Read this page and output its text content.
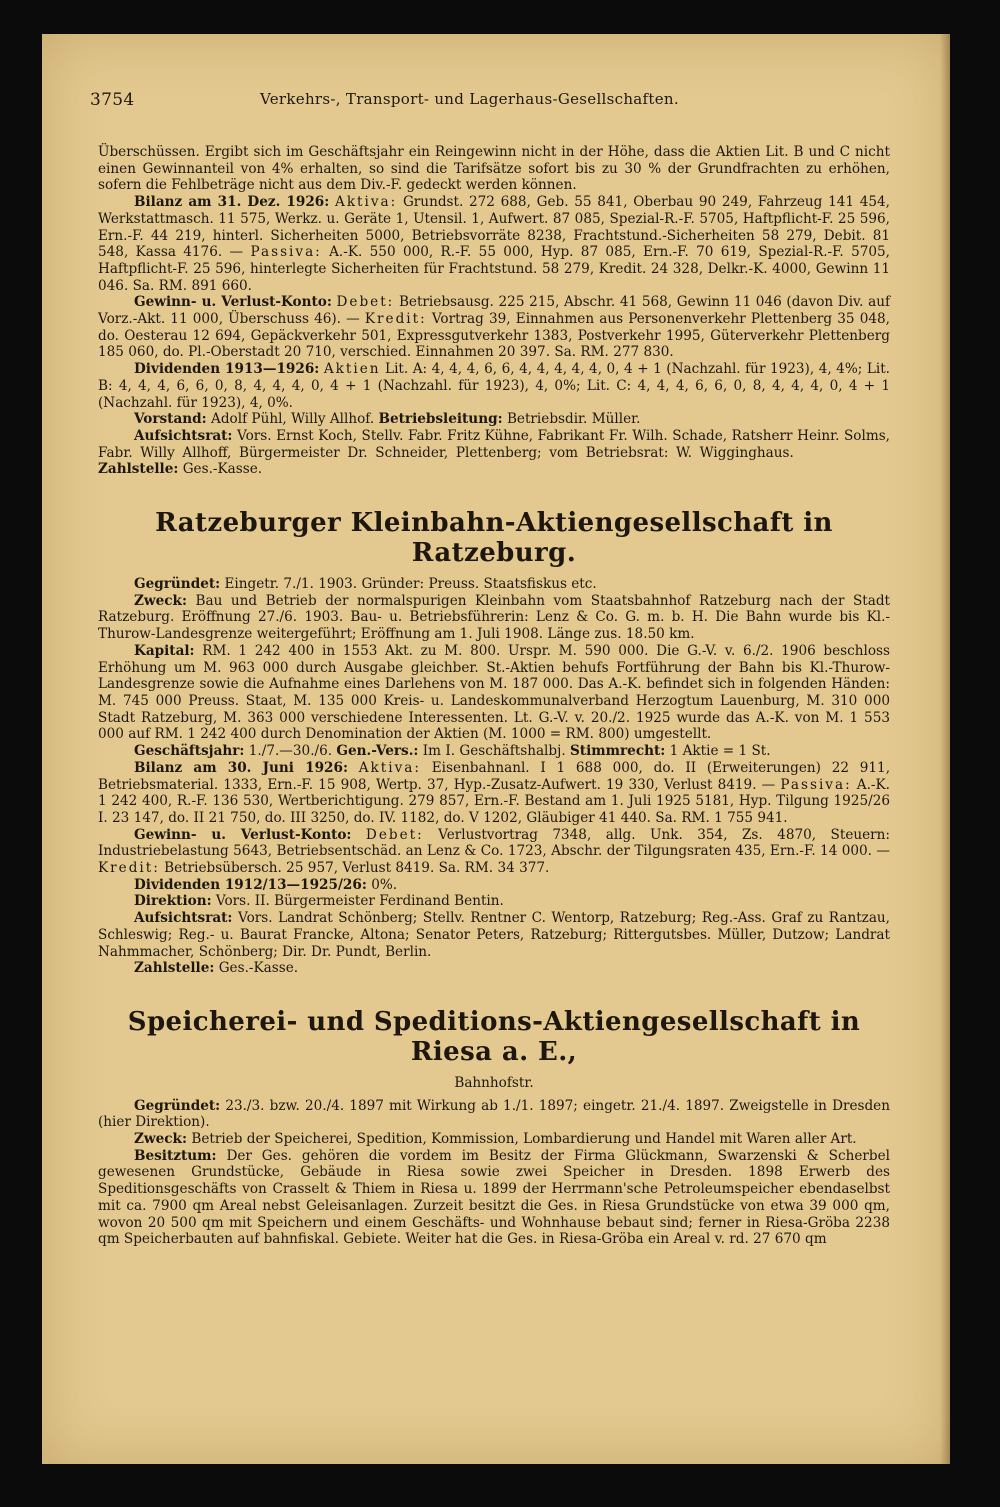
3754	Verkehrs-, Transport- und Lagerhaus-Gesellschaften.

Überschüssen. Ergibt sich im Geschäftsjahr ein Reingewinn nicht in der Höhe, dass die Aktien Lit. B und C nicht einen Gewinnanteil von 4% erhalten, so sind die Tarifsätze sofort bis zu 30 % der Grundfrachten zu erhöhen, sofern die Fehlbeträge nicht aus dem Div.-F. gedeckt werden können.

Bilanz am 31. Dez. 1926: Aktiva: Grundst. 272 688, Geb. 55 841, Oberbau 90 249, Fahrzeug 141 454, Werkstattmasch. 11 575, Werkz. u. Geräte 1, Utensil. 1, Aufwert. 87 085, Spezial-R.-F. 5705, Haftpflicht-F. 25 596, Ern.-F. 44 219, hinterl. Sicherheiten 5000, Betriebsvorräte 8238, Frachtstund.-Sicherheiten 58 279, Debit. 81 548, Kassa 4176. — Passiva: A.-K. 550 000, R.-F. 55 000, Hyp. 87 085, Ern.-F. 70 619, Spezial-R.-F. 5705, Haftpflicht-F. 25 596, hinterlegte Sicherheiten für Frachtstund. 58 279, Kredit. 24 328, Delkr.-K. 4000, Gewinn 11 046. Sa. RM. 891 660.

Gewinn- u. Verlust-Konto: Debet: Betriebsausg. 225 215, Abschr. 41 568, Gewinn 11 046 (davon Div. auf Vorz.-Akt. 11 000, Überschuss 46). — Kredit: Vortrag 39, Einnahmen aus Personenverkehr Plettenberg 35 048, do. Oesterau 12 694, Gepäckverkehr 501, Expressgutverkehr 1383, Postverkehr 1995, Güterverkehr Plettenberg 185 060, do. Pl.-Oberstadt 20 710, verschied. Einnahmen 20 397. Sa. RM. 277 830.

Dividenden 1913—1926: Aktien Lit. A: 4, 4, 4, 6, 6, 4, 4, 4, 4, 4, 0, 4 + 1 (Nachzahl. für 1923), 4, 4%; Lit. B: 4, 4, 4, 6, 6, 0, 8, 4, 4, 4, 0, 4 + 1 (Nachzahl. für 1923), 4, 0%; Lit. C: 4, 4, 4, 6, 6, 0, 8, 4, 4, 4, 0, 4 + 1 (Nachzahl. für 1923), 4, 0%.

Vorstand: Adolf Pühl, Willy Allhof. Betriebsleitung: Betriebsdir. Müller.

Aufsichtsrat: Vors. Ernst Koch, Stellv. Fabr. Fritz Kühne, Fabrikant Fr. Wilh. Schade, Ratsherr Heinr. Solms, Fabr. Willy Allhoff, Bürgermeister Dr. Schneider, Plettenberg; vom Betriebsrat: W. Wigginghaus.              Zahlstelle: Ges.-Kasse.

Ratzeburger Kleinbahn-Aktiengesellschaft in Ratzeburg.

Gegründet: Eingetr. 7./1. 1903. Gründer: Preuss. Staatsfiskus etc.

Zweck: Bau und Betrieb der normalspurigen Kleinbahn vom Staatsbahnhof Ratzeburg nach der Stadt Ratzeburg. Eröffnung 27./6. 1903. Bau- u. Betriebsführerin: Lenz & Co. G. m. b. H. Die Bahn wurde bis Kl.-Thurow-Landesgrenze weitergeführt; Eröffnung am 1. Juli 1908. Länge zus. 18.50 km.

Kapital: RM. 1 242 400 in 1553 Akt. zu M. 800. Urspr. M. 590 000. Die G.-V. v. 6./2. 1906 beschloss Erhöhung um M. 963 000 durch Ausgabe gleichber. St.-Aktien behufs Fortführung der Bahn bis Kl.-Thurow-Landesgrenze sowie die Aufnahme eines Darlehens von M. 187 000. Das A.-K. befindet sich in folgenden Händen: M. 745 000 Preuss. Staat, M. 135 000 Kreis- u. Landeskommunalverband Herzogtum Lauenburg, M. 310 000 Stadt Ratzeburg, M. 363 000 verschiedene Interessenten. Lt. G.-V. v. 20./2. 1925 wurde das A.-K. von M. 1 553 000 auf RM. 1 242 400 durch Denomination der Aktien (M. 1000 = RM. 800) umgestellt.

Geschäftsjahr: 1./7.—30./6. Gen.-Vers.: Im I. Geschäftshalbj. Stimmrecht: 1 Aktie = 1 St.

Bilanz am 30. Juni 1926: Aktiva: Eisenbahnanl. I 1 688 000, do. II (Erweiterungen) 22 911, Betriebsmaterial. 1333, Ern.-F. 15 908, Wertp. 37, Hyp.-Zusatz-Aufwert. 19 330, Verlust 8419. — Passiva: A.-K. 1 242 400, R.-F. 136 530, Wertberichtigung. 279 857, Ern.-F. Bestand am 1. Juli 1925 5181, Hyp. Tilgung 1925/26 I. 23 147, do. II 21 750, do. III 3250, do. IV. 1182, do. V 1202, Gläubiger 41 440. Sa. RM. 1 755 941.

Gewinn- u. Verlust-Konto: Debet: Verlustvortrag 7348, allg. Unk. 354, Zs. 4870, Steuern: Industriebelastung 5643, Betriebsentschäd. an Lenz & Co. 1723, Abschr. der Tilgungsraten 435, Ern.-F. 14 000. — Kredit: Betriebsübersch. 25 957, Verlust 8419. Sa. RM. 34 377.

Dividenden 1912/13—1925/26: 0%.

Direktion: Vors. II. Bürgermeister Ferdinand Bentin.

Aufsichtsrat: Vors. Landrat Schönberg; Stellv. Rentner C. Wentorp, Ratzeburg; Reg.-Ass. Graf zu Rantzau, Schleswig; Reg.- u. Baurat Francke, Altona; Senator Peters, Ratzeburg; Rittergutsbes. Müller, Dutzow; Landrat Nahmmacher, Schönberg; Dir. Dr. Pundt, Berlin.

Zahlstelle: Ges.-Kasse.

Speicherei- und Speditions-Aktiengesellschaft in Riesa a. E.,
Bahnhofstr.

Gegründet: 23./3. bzw. 20./4. 1897 mit Wirkung ab 1./1. 1897; eingetr. 21./4. 1897. Zweigstelle in Dresden (hier Direktion).

Zweck: Betrieb der Speicherei, Spedition, Kommission, Lombardierung und Handel mit Waren aller Art.

Besitztum: Der Ges. gehören die vordem im Besitz der Firma Glückmann, Swarzenski & Scherbel gewesenen Grundstücke, Gebäude in Riesa sowie zwei Speicher in Dresden. 1898 Erwerb des Speditionsgeschäfts von Crasselt & Thiem in Riesa u. 1899 der Herrmann'sche Petroleumspeicher ebendaselbst mit ca. 7900 qm Areal nebst Geleisanlagen. Zurzeit besitzt die Ges. in Riesa Grundstücke von etwa 39 000 qm, wovon 20 500 qm mit Speichern und einem Geschäfts- und Wohnhause bebaut sind; ferner in Riesa-Gröba 2238 qm Speicherbauten auf bahnfiskal. Gebiete. Weiter hat die Ges. in Riesa-Gröba ein Areal v. rd. 27 670 qm
